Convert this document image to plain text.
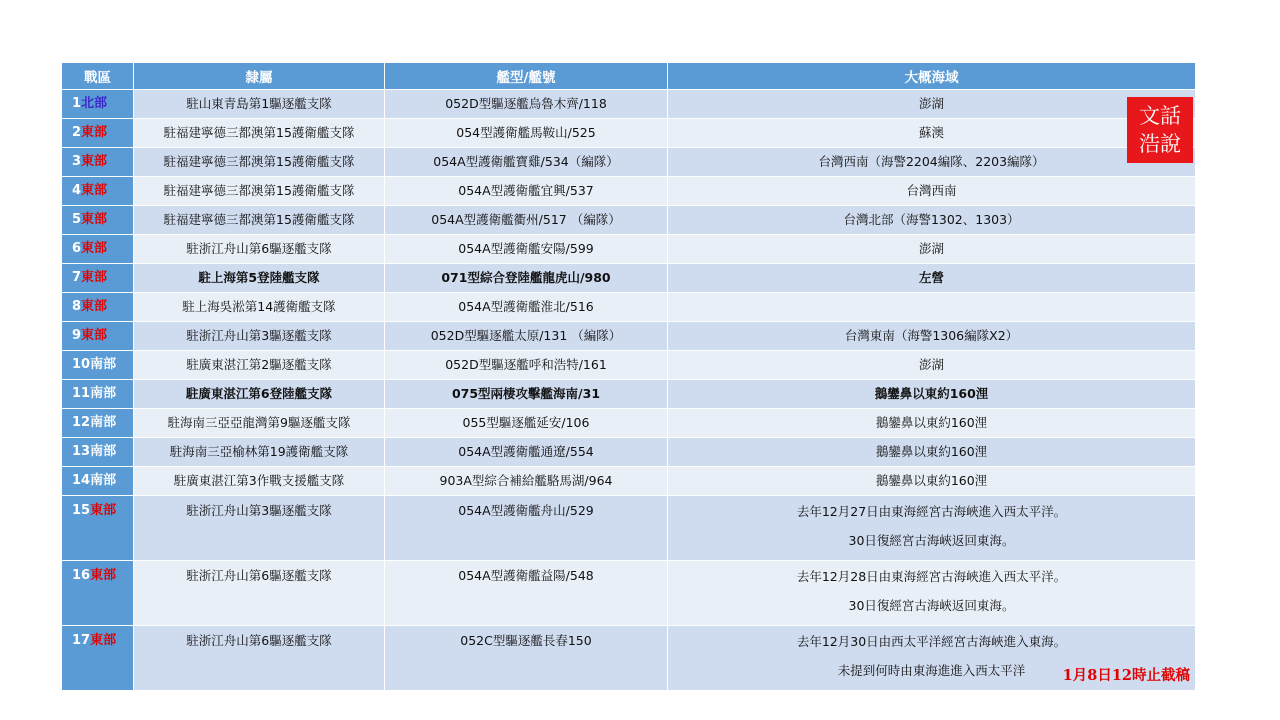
戰區	隸屬	艦型/艦號	大概海域
1北部	駐山東青島第1驅逐艦支隊	052D型驅逐艦烏魯木齊/118	澎湖

2東部	駐福建寧德三都澳第15護衛艦支隊	054型護衛艦馬鞍山/525	蘇澳

3東部	駐福建寧德三都澳第15護衛艦支隊	054A型護衛艦寶雞/534（編隊）	台灣西南（海警2204編隊、2203編隊）

4東部	駐福建寧德三都澳第15護衛艦支隊	054A型護衛艦宜興/537	台灣西南

5東部	駐福建寧德三都澳第15護衛艦支隊	054A型護衛艦衢州/517 （編隊）	台灣北部（海警1302、1303）

6東部	駐浙江舟山第6驅逐艦支隊	054A型護衛艦安陽/599	澎湖

7東部	駐上海第5登陸艦支隊	071型綜合登陸艦龍虎山/980	左營

8東部	駐上海吳淞第14護衛艦支隊	054A型護衛艦淮北/516	

9東部	駐浙江舟山第3驅逐艦支隊	052D型驅逐艦太原/131 （編隊）	台灣東南（海警1306編隊X2）

10南部	駐廣東湛江第2驅逐艦支隊	052D型驅逐艦呼和浩特/161	澎湖

11南部	駐廣東湛江第6登陸艦支隊	075型兩棲攻擊艦海南/31	鵝鑾鼻以東約160浬

12南部	駐海南三亞亞龍灣第9驅逐艦支隊	055型驅逐艦延安/106	鵝鑾鼻以東約160浬

13南部	駐海南三亞榆林第19護衛艦支隊	054A型護衛艦通遼/554	鵝鑾鼻以東約160浬

14南部	駐廣東湛江第3作戰支援艦支隊	903A型綜合補給艦駱馬湖/964	鵝鑾鼻以東約160浬

15東部	駐浙江舟山第3驅逐艦支隊	054A型護衛艦舟山/529	去年12月27日由東海經宮古海峽進入西太平洋。
30日復經宮古海峽返回東海。

16東部	駐浙江舟山第6驅逐艦支隊	054A型護衛艦益陽/548	去年12月28日由東海經宮古海峽進入西太平洋。
30日復經宮古海峽返回東海。

17東部	駐浙江舟山第6驅逐艦支隊	052C型驅逐艦長春150	去年12月30日由西太平洋經宮古海峽進入東海。
未提到何時由東海進進入西太平洋
文話
浩說
1月8日12時止截稿
